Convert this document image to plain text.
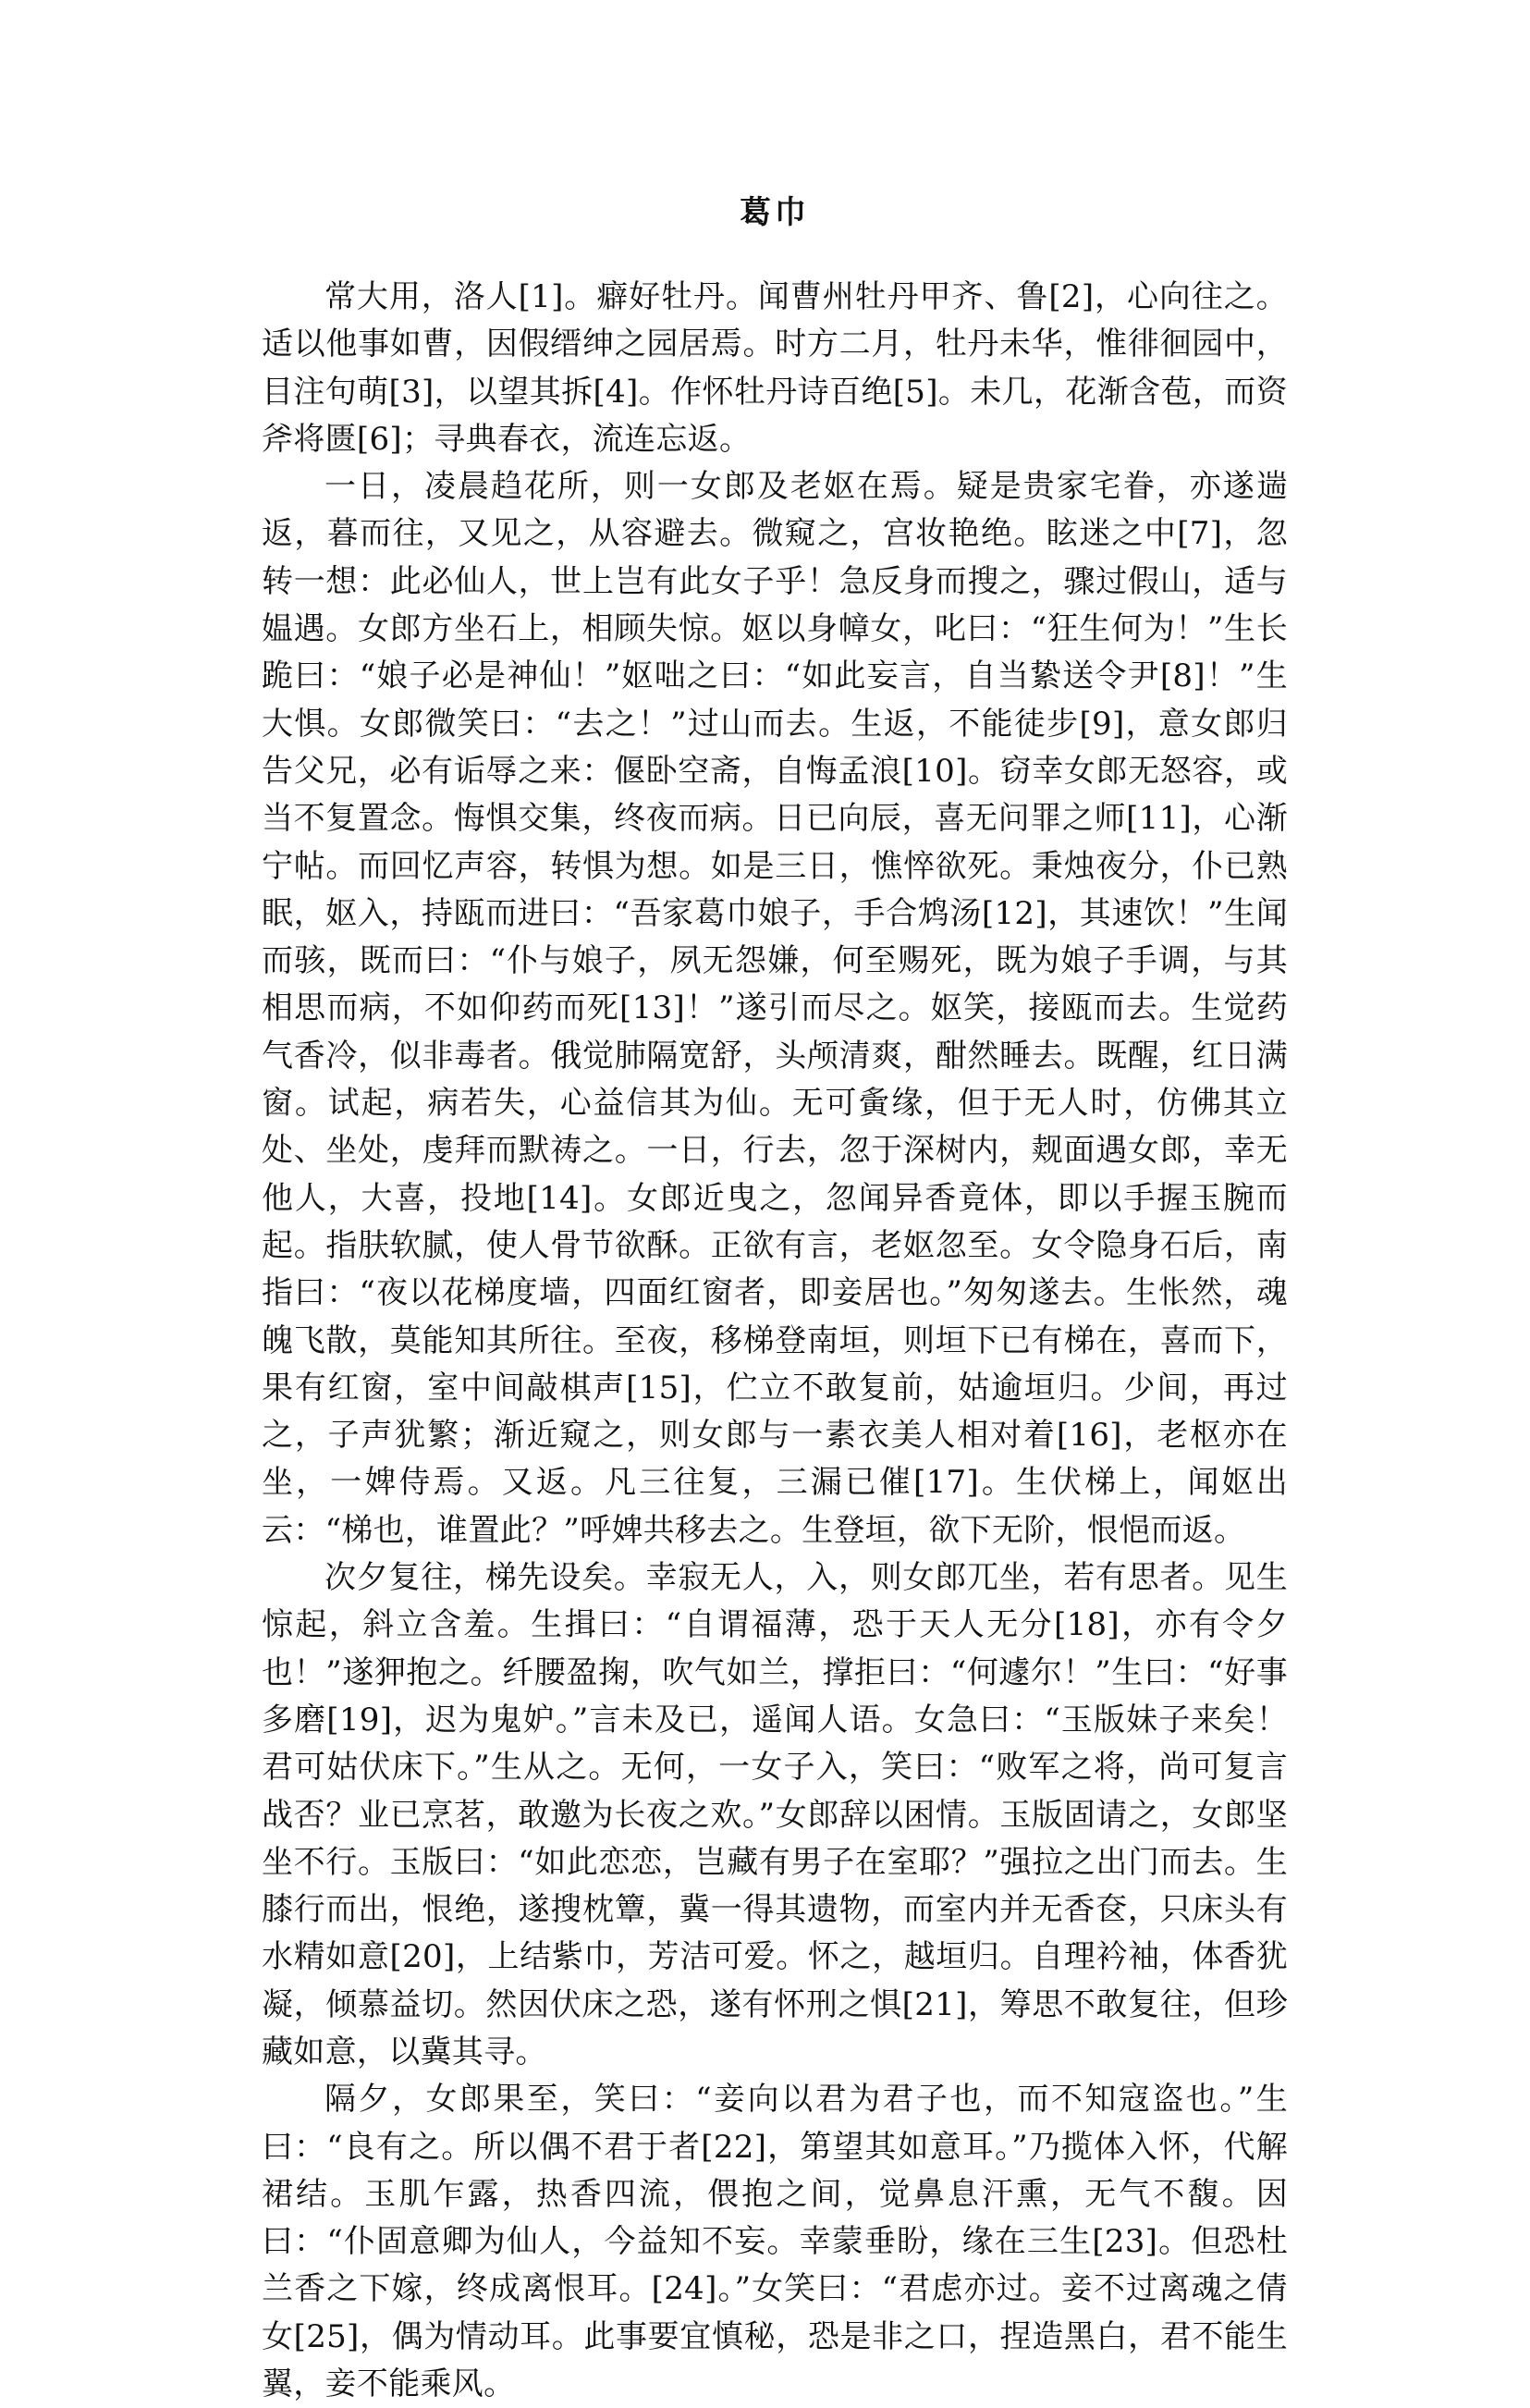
葛巾

常大用，洛人[1]。癖好牡丹。闻曹州牡丹甲齐、鲁[2]，心向往之。适以他事如曹，因假缙绅之园居焉。时方二月，牡丹未华，惟徘徊园中，目注句萌[3]，以望其拆[4]。作怀牡丹诗百绝[5]。未几，花渐含苞，而资斧将匮[6]；寻典春衣，流连忘返。

一日，凌晨趋花所，则一女郎及老妪在焉。疑是贵家宅眷，亦遂遄返，暮而往，又见之，从容避去。微窥之，宫妆艳绝。眩迷之中[7]，忽转一想：此必仙人，世上岂有此女子乎！急反身而搜之，骤过假山，适与媪遇。女郎方坐石上，相顾失惊。妪以身幛女，叱曰：“狂生何为！”生长跪曰：“娘子必是神仙！”妪咄之曰：“如此妄言，自当絷送令尹[8]！”生大惧。女郎微笑曰：“去之！”过山而去。生返，不能徒步[9]，意女郎归告父兄，必有诟辱之来：偃卧空斋，自悔孟浪[10]。窃幸女郎无怒容，或当不复置念。悔惧交集，终夜而病。日已向辰，喜无问罪之师[11]，心渐宁帖。而回忆声容，转惧为想。如是三日，憔悴欲死。秉烛夜分，仆已熟眠，妪入，持瓯而进曰：“吾家葛巾娘子，手合鸩汤[12]，其速饮！”生闻而骇，既而曰：“仆与娘子，夙无怨嫌，何至赐死，既为娘子手调，与其相思而病，不如仰药而死[13]！”遂引而尽之。妪笑，接瓯而去。生觉药气香冷，似非毒者。俄觉肺隔宽舒，头颅清爽，酣然睡去。既醒，红日满窗。试起，病若失，心益信其为仙。无可夤缘，但于无人时，仿佛其立处、坐处，虔拜而默祷之。一日，行去，忽于深树内，觌面遇女郎，幸无他人，大喜，投地[14]。女郎近曳之，忽闻异香竟体，即以手握玉腕而起。指肤软腻，使人骨节欲酥。正欲有言，老妪忽至。女令隐身石后，南指曰：“夜以花梯度墙，四面红窗者，即妾居也。”匆匆遂去。生怅然，魂魄飞散，莫能知其所往。至夜，移梯登南垣，则垣下已有梯在，喜而下，果有红窗，室中间敲棋声[15]，伫立不敢复前，姑逾垣归。少间，再过之，子声犹繁；渐近窥之，则女郎与一素衣美人相对着[16]，老枢亦在坐，一婢侍焉。又返。凡三往复，三漏已催[17]。生伏梯上，闻妪出云：“梯也，谁置此？”呼婢共移去之。生登垣，欲下无阶，恨悒而返。

次夕复往，梯先设矣。幸寂无人，入，则女郎兀坐，若有思者。见生惊起，斜立含羞。生揖曰：“自谓福薄，恐于天人无分[18]，亦有令夕也！”遂狎抱之。纤腰盈掬，吹气如兰，撑拒曰：“何遽尔！”生曰：“好事多磨[19]，迟为鬼妒。”言未及已，遥闻人语。女急曰：“玉版妹子来矣！君可姑伏床下。”生从之。无何，一女子入，笑曰：“败军之将，尚可复言战否？业已烹茗，敢邀为长夜之欢。”女郎辞以困情。玉版固请之，女郎坚坐不行。玉版曰：“如此恋恋，岂藏有男子在室耶？”强拉之出门而去。生膝行而出，恨绝，遂搜枕簟，冀一得其遗物，而室内并无香奁，只床头有水精如意[20]，上结紫巾，芳洁可爱。怀之，越垣归。自理衿袖，体香犹凝，倾慕益切。然因伏床之恐，遂有怀刑之惧[21]，筹思不敢复往，但珍藏如意，以冀其寻。

隔夕，女郎果至，笑曰：“妾向以君为君子也，而不知寇盗也。”生曰：“良有之。所以偶不君于者[22]，第望其如意耳。”乃揽体入怀，代解裙结。玉肌乍露，热香四流，偎抱之间，觉鼻息汗熏，无气不馥。因曰：“仆固意卿为仙人，今益知不妄。幸蒙垂盼，缘在三生[23]。但恐杜兰香之下嫁，终成离恨耳。[24]。”女笑曰：“君虑亦过。妾不过离魂之倩女[25]，偶为情动耳。此事要宜慎秘，恐是非之口，捏造黑白，君不能生翼，妾不能乘风。
